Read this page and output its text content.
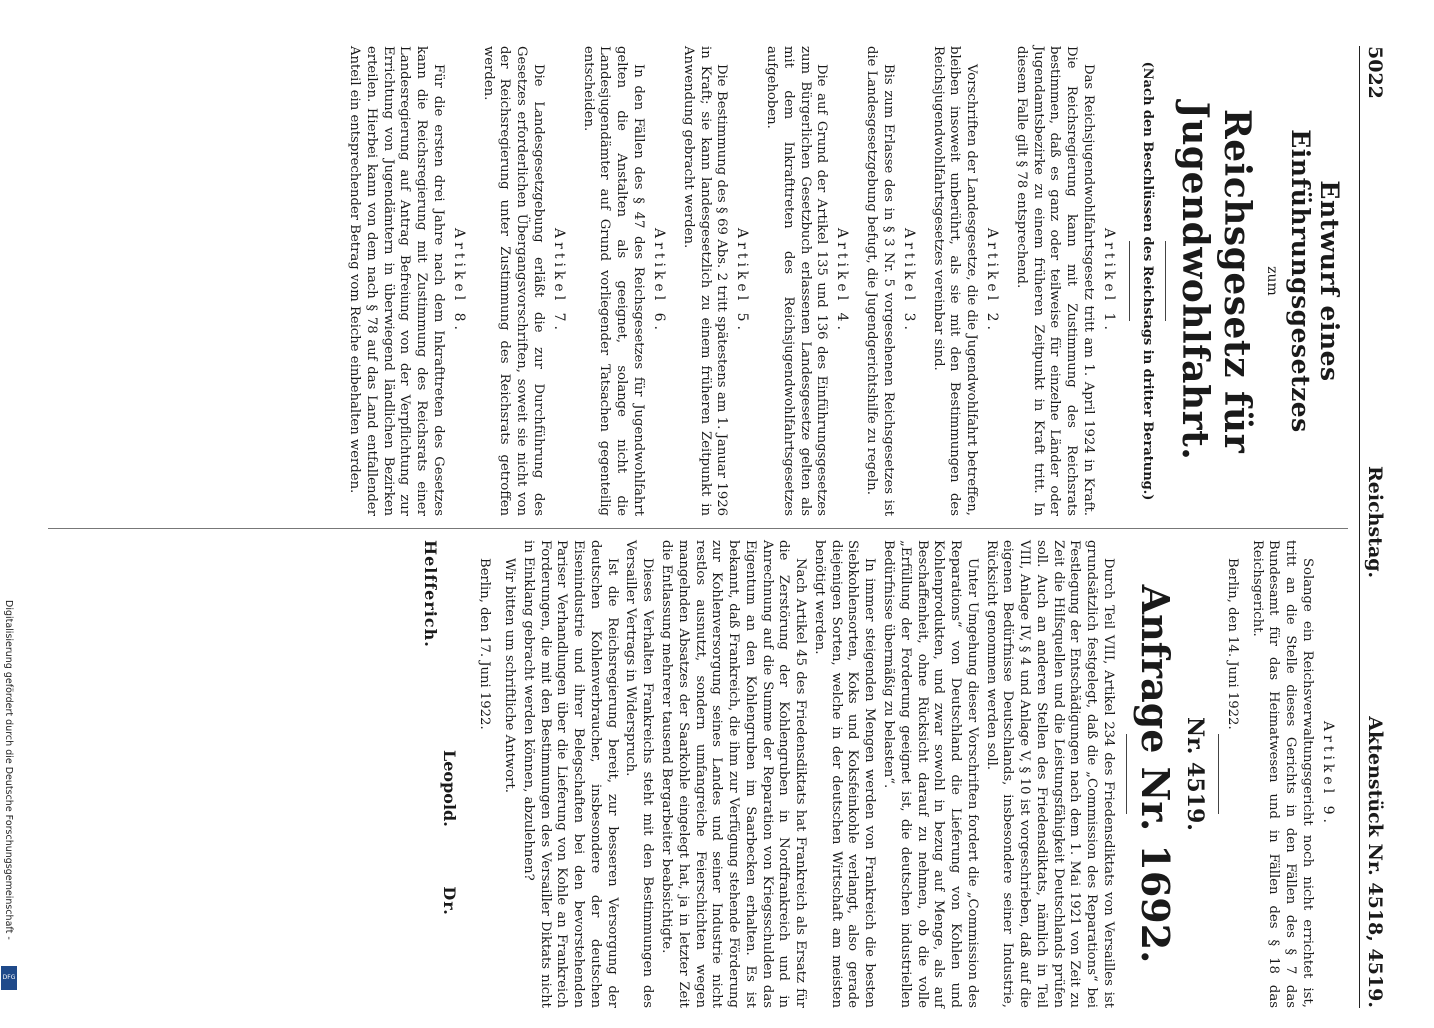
5022
Reichstag.
Aktenstück Nr. 4518, 4519.
Entwurf eines Einführungsgesetzes
zum
Reichsgesetz für Jugendwohlfahrt.
(Nach den Beschlüssen des Reichstags in dritter Beratung.)
Artikel 1.

Das Reichsjugendwohlfahrtsgesetz tritt am 1. April 1924 in Kraft. Die Reichsregierung kann mit Zustimmung des Reichsrats bestimmen, daß es ganz oder teilweise für einzelne Länder oder Jugendamtsbezirke zu einem früheren Zeitpunkt in Kraft tritt. In diesem Falle gilt § 78 entsprechend.

Artikel 2.

Vorschriften der Landesgesetze, die die Jugendwohlfahrt betreffen, bleiben insoweit unberührt, als sie mit den Bestimmungen des Reichsjugendwohlfahrtsgesetzes vereinbar sind.

Artikel 3.

Bis zum Erlasse des in § 3 Nr. 5 vorgesehenen Reichsgesetzes ist die Landesgesetzgebung befugt, die Jugendgerichtshilfe zu regeln.

Artikel 4.

Die auf Grund der Artikel 135 und 136 des Einführungsgesetzes zum Bürgerlichen Gesetzbuch erlassenen Landesgesetze gelten als mit dem Inkrafttreten des Reichsjugendwohlfahrtsgesetzes aufgehoben.

Artikel 5.

Die Bestimmung des § 69 Abs. 2 tritt spätestens am 1. Januar 1926 in Kraft; sie kann landesgesetzlich zu einem früheren Zeitpunkt in Anwendung gebracht werden.

Artikel 6.

In den Fällen des § 47 des Reichsgesetzes für Jugendwohlfahrt gelten die Anstalten als geeignet, solange nicht die Landesjugendämter auf Grund vorliegender Tatsachen gegenteilig entscheiden.

Artikel 7.

Die Landesgesetzgebung erläßt die zur Durchführung des Gesetzes erforderlichen Übergangsvorschriften, soweit sie nicht von der Reichsregierung unter Zustimmung des Reichsrats getroffen werden.

Artikel 8.

Für die ersten drei Jahre nach dem Inkrafttreten des Gesetzes kann die Reichsregierung mit Zustimmung des Reichsrats einer Landesregierung auf Antrag Befreiung von der Verpflichtung zur Errichtung von Jugendämtern in überwiegend ländlichen Bezirken erteilen. Hierbei kann von dem nach § 78 auf das Land entfallender Anteil ein entsprechender Betrag vom Reiche einbehalten werden.

Artikel 9.

Solange ein Reichsverwaltungsgericht noch nicht errichtet ist, tritt an die Stelle dieses Gerichts in den Fällen des § 7 das Bundesamt für das Heimatwesen und in Fällen des § 18 das Reichsgericht.

Berlin, den 14. Juni 1922.
Nr. 4519.
Anfrage Nr. 1692.

Durch Teil VIII, Artikel 234 des Friedensdiktats von Versailles ist grundsätzlich festgelegt, daß die „Commission des Reparations“ bei Festlegung der Entschädigungen nach dem 1. Mai 1921 von Zeit zu Zeit die Hilfsquellen und die Leistungsfähigkeit Deutschlands prüfen soll. Auch an anderen Stellen des Friedensdiktats, nämlich in Teil VIII, Anlage IV, § 4 und Anlage V, § 10 ist vorgeschrieben, daß auf die eigenen Bedürfnisse Deutschlands, insbesondere seiner Industrie, Rücksicht genommen werden soll.

Unter Umgehung dieser Vorschriften fordert die „Commission des Reparations“ von Deutschland die Lieferung von Kohlen und Kohlenprodukten, und zwar sowohl in bezug auf Menge, als auf Beschaffenheit, ohne Rücksicht darauf zu nehmen, ob die volle „Erfüllung der Forderung geeignet ist, die deutschen industriellen Bedürfnisse übermäßig zu belasten“.

In immer steigenden Mengen werden von Frankreich die besten Siebkohlensorten, Koks und Koksfeinkohle verlangt, also gerade diejenigen Sorten, welche in der deutschen Wirtschaft am meisten benötigt werden.

Nach Artikel 45 des Friedensdiktats hat Frankreich als Ersatz für die Zerstörung der Kohlengruben in Nordfrankreich und in Anrechnung auf die Summe der Reparation von Kriegsschulden das Eigentum an den Kohlengruben im Saarbecken erhalten. Es ist bekannt, daß Frankreich, die ihm zur Verfügung stehende Förderung zur Kohlenversorgung seines Landes und seiner Industrie nicht restlos ausnutzt, sondern umfangreiche Feierschichten wegen mangelnden Absatzes der Saarkohle eingelegt hat, ja in letzter Zeit die Entlassung mehrerer tausend Bergarbeiter beabsichtigte.

Dieses Verhalten Frankreichs steht mit den Bestimmungen des Versailler Vertrags in Widerspruch.

Ist die Reichsregierung bereit, zur besseren Versorgung der deutschen Kohlenverbraucher, insbesondere der deutschen Eisenindustrie und ihrer Belegschaften bei den bevorstehenden Pariser Verhandlungen über die Lieferung von Kohle an Frankreich Forderungen, die mit den Bestimmungen des Versailler Diktats nicht in Einklang gebracht werden können, abzulehnen?

Wir bitten um schriftliche Antwort.

Berlin, den 17. Juni 1922.
Leopold. Dr. Helfferich.
Digitalisierung gefördert durch die Deutsche Forschungsgemeinschaft -
DFG
